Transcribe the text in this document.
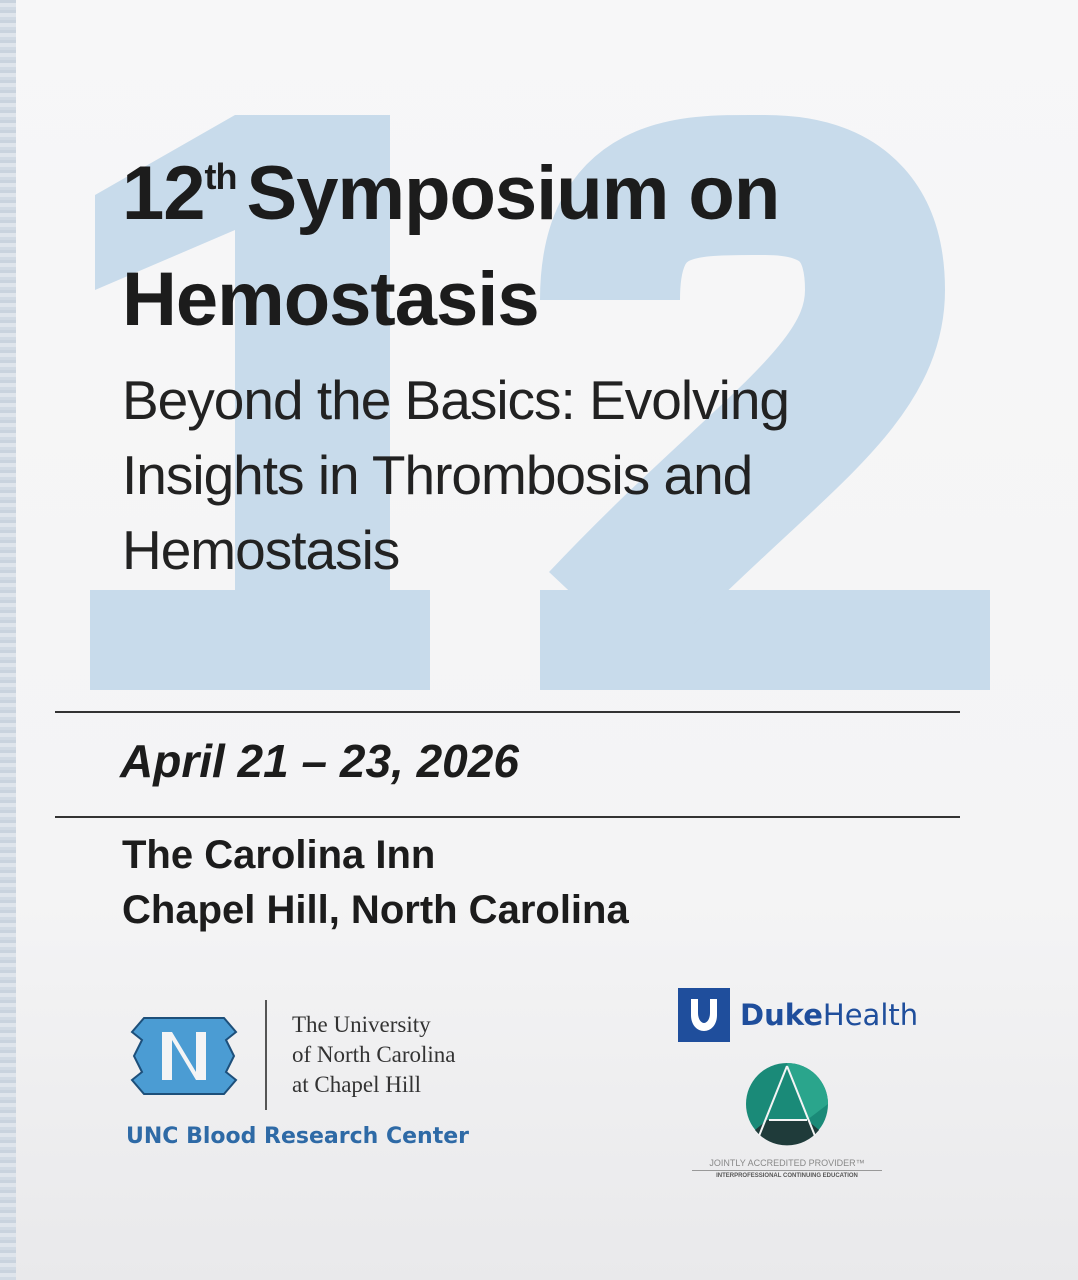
12th Symposium on
Hemostasis
Beyond the Basics: Evolving
Insights in Thrombosis and
Hemostasis
April 21 – 23, 2026
The Carolina Inn
Chapel Hill, North Carolina
The University
of North Carolina
at Chapel Hill
UNC Blood Research Center
DukeHealth
JOINTLY ACCREDITED PROVIDER™
INTERPROFESSIONAL CONTINUING EDUCATION
